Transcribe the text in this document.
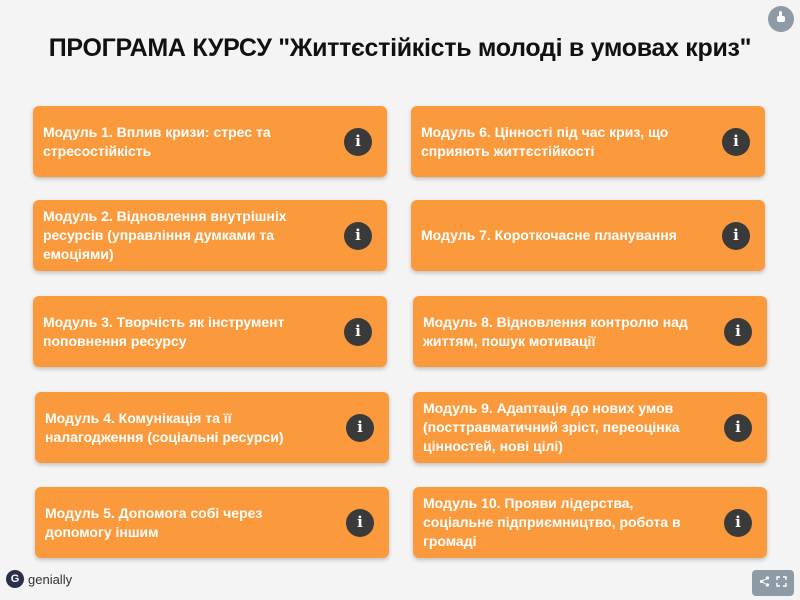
ПРОГРАМА КУРСУ "Життєстійкість молоді в умовах криз"
Модуль 1. Вплив кризи: стрес та стресостійкість
i
Модуль 2. Відновлення внутрішніх ресурсів (управління думками та емоціями)
i
Модуль 3. Творчість як інструмент поповнення ресурсу
i
Модуль 4. Комунікація та її налагодження (соціальні ресурси)
i
Модуль 5. Допомога собі через допомогу іншим
i
Модуль 6. Цінності під час криз, що сприяють життєстійкості
i
Модуль 7. Короткочасне планування	i
Модуль 8. Відновлення контролю над життям, пошук мотивації
i
Модуль 9. Адаптація до нових умов (посттравматичний зріст, переоцінка цінностей, нові цілі)
i
Модуль 10. Прояви лідерства, соціальне підприємництво, робота в громаді
i
G genially
